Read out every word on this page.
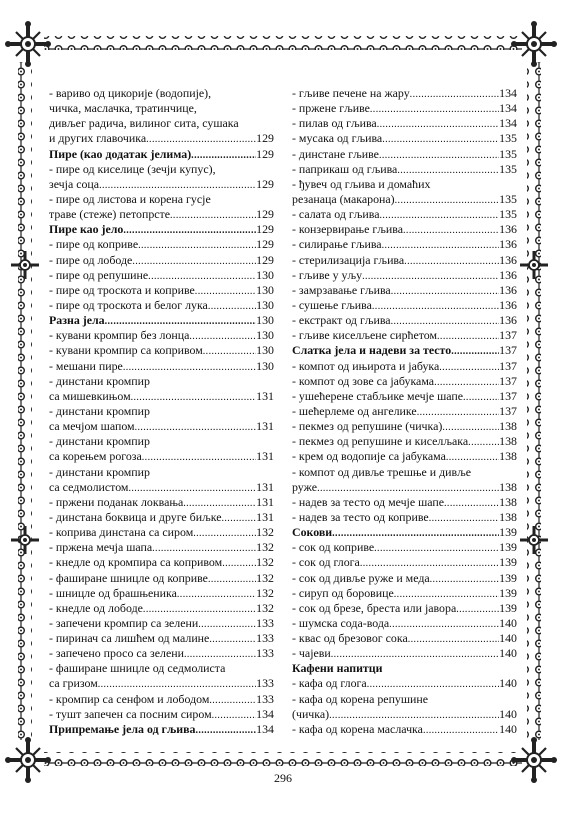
- вариво од цикорије (водопије),
чичка, маслачка, тратинчице,
дивљег радича, вилиног сита, сушака
и других главочика .....	129
Пире (као додатак јелима) .....	129
- пире од киселице (зечји купус),
зечја соца .....	129
- пире од листова и корена гусје
траве (стеже) петопрсте .....	129
Пире као јело .....	129
- пире од коприве .....	129
- пире од лободе .....	129
- пире од репушине .....	130
- пире од троскота и коприве .....	130
- пире од троскота и белог лука .....	130
Разна јела .....	130
- кувани кромпир без лонца .....	130
- кувани кромпир са копривом .....	130
- мешани пире .....	130
- динстани кромпир
са мишевкињом .....	131
- динстани кромпир
са мечјом шапом .....	131
- динстани кромпир
са корењем рогоза .....	131
- динстани кромпир
са седмолистом .....	131
- пржени поданак локвања .....	131
- динстана боквица и друге биљке .....	131
- коприва динстана са сиром .....	132
- пржена мечја шапа .....	132
- кнедле од кромпира са копривом .....	132
- фаширане шницле од коприве .....	132
- шницле од брашњеника .....	132
- кнедле од лободе .....	132
- запечени кромпир са зелени .....	133
- пиринач са лишћем од малине .....	133
- запечено просо са зелени .....	133
- фаширане шницле од седмолиста
са гризом .....	133
- кромпир са сенфом и лободом .....	133
- тушт запечен са посним сиром .....	134
Припремање јела од гљива .....	134
- гљиве печене на жару .....	134
- пржене гљиве .....	134
- пилав од гљива .....	134
- мусака од гљива .....	135
- динстане гљиве .....	135
- паприкаш од гљива .....	135
- ђувеч од гљива и домаћих
резанаца (макарона) .....	135
- салата од гљива .....	135
- конзервирање гљива .....	136
- силирање гљива .....	136
- стерилизација гљива .....	136
- гљиве у уљу .....	136
- замрзавање гљива .....	136
- сушење гљива .....	136
- екстракт од гљива .....	136
- гљиве киселљене сирћетом .....	137
Слатка јела и надеви за тесто .....	137
- компот од ињирота и јабука .....	137
- компот од зове са јабукама .....	137
- ушећерене стабљике мечје шапе .....	137
- шећерлеме од ангелике .....	137
- пекмез од репушине (чичка) .....	138
- пекмез од репушине и киселљака .....	138
- крем од водопије са јабукама .....	138
- компот од дивље трешње и дивље
ружe .....	138
- надев за тесто од мечје шапе .....	138
- надев за тесто од коприве .....	138
Сокови .....	139
- сок од коприве .....	139
- сок од глога .....	139
- сок од дивље руже и меда .....	139
- сируп од боровице .....	139
- сок од брезе, бреста или јавора .....	139
- шумска сода-вода .....	140
- квас од брезовог сока .....	140
- чајеви .....	140
Кафени напитци
- кафа од глога .....	140
- кафа од корена репушине
(чичка) .....	140
- кафа од корена маслачка .....	140
296
